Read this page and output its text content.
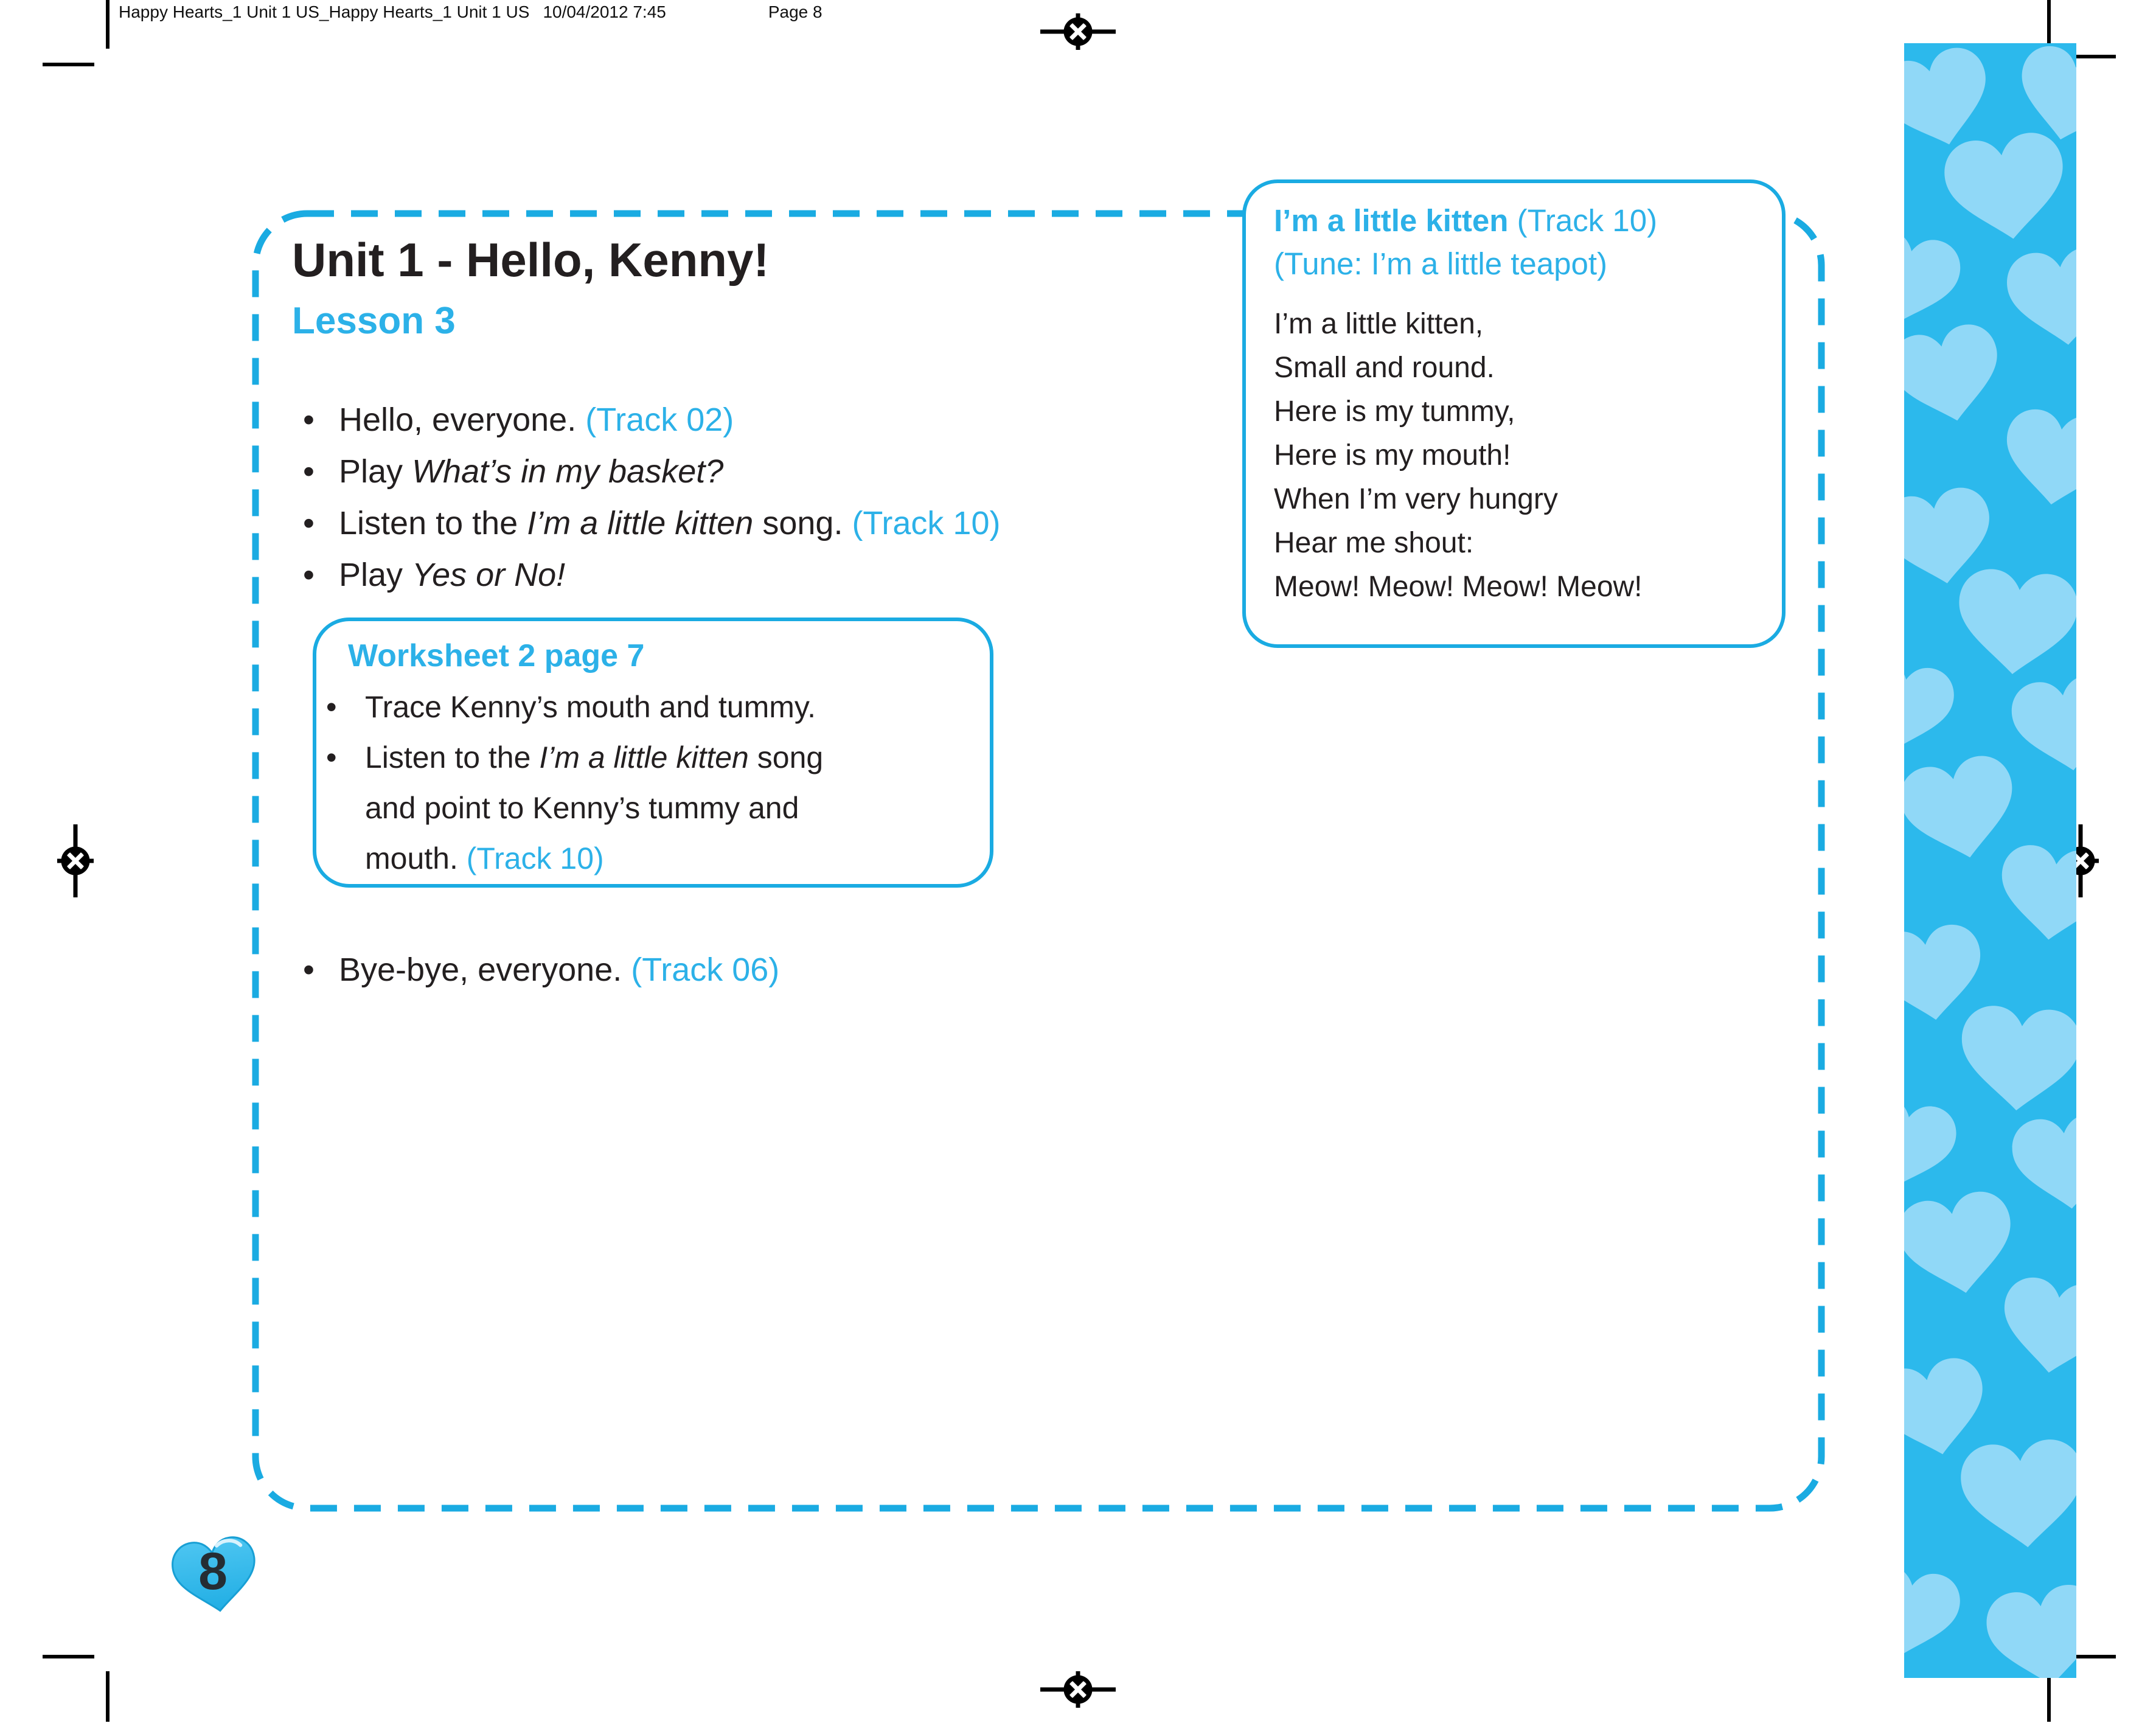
Happy Hearts_1 Unit 1 US_Happy Hearts_1 Unit 1 US 10/04/2012 7:45	Page 8
Unit 1 - Hello, Kenny!
Lesson 3
• Hello, everyone. (Track 02)
• Play What’s in my basket?
• Listen to the I’m a little kitten song. (Track 10)
• Play Yes or No!
Worksheet 2 page 7
• Trace Kenny’s mouth and tummy.
• Listen to the I’m a little kitten song
and point to Kenny’s tummy and
mouth. (Track 10)
• Bye-bye, everyone. (Track 06)
I’m a little kitten (Track 10)
(Tune: I’m a little teapot)
I’m a little kitten,
Small and round.
Here is my tummy,
Here is my mouth!
When I’m very hungry
Hear me shout:
Meow! Meow! Meow! Meow!
8
